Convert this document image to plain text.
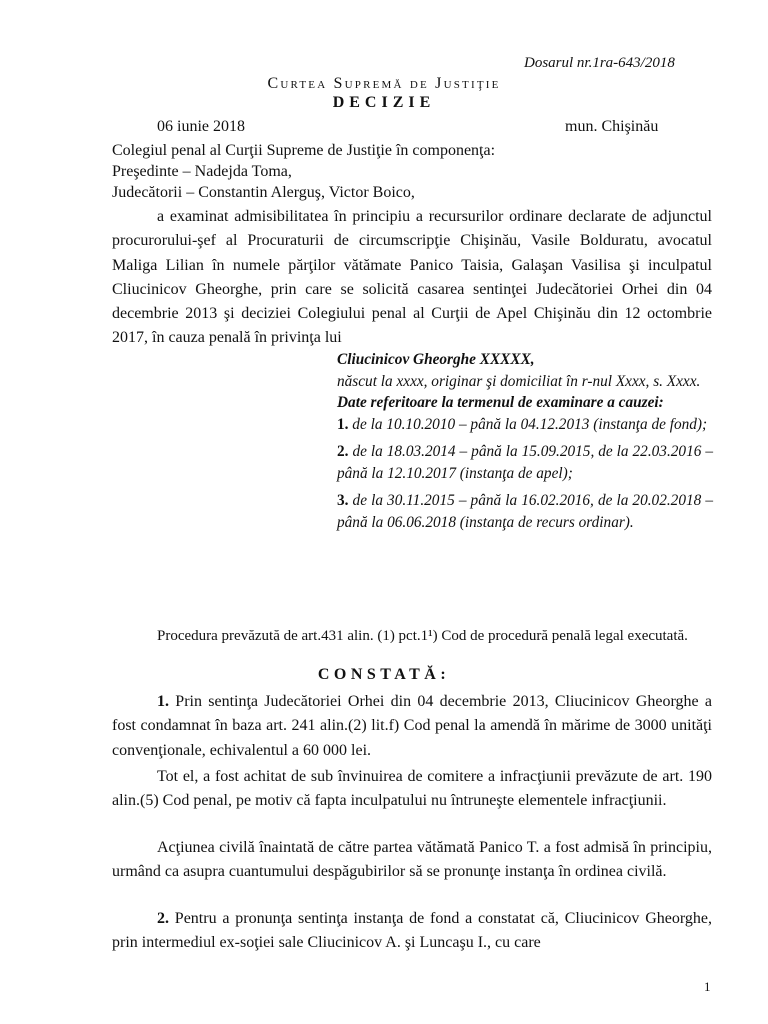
Dosarul nr.1ra-643/2018
Curtea Supremă de Justiţie
DECIZIE
06 iunie 2018	mun. Chişinău
Colegiul penal al Curţii Supreme de Justiţie în componenţa:
Preşedinte – Nadejda Toma,
Judecătorii – Constantin Alerguş, Victor Boico,
a examinat admisibilitatea în principiu a recursurilor ordinare declarate de adjunctul procurorului-şef al Procuraturii de circumscripţie Chişinău, Vasile Bolduratu, avocatul Maliga Lilian în numele părţilor vătămate Panico Taisia, Galaşan Vasilisa şi inculpatul Cliucinicov Gheorghe, prin care se solicită casarea sentinţei Judecătoriei Orhei din 04 decembrie 2013 şi deciziei Colegiului penal al Curţii de Apel Chişinău din 12 octombrie 2017, în cauza penală în privinţa lui
Cliucinicov Gheorghe XXXXX,
născut la xxxx, originar şi domiciliat în r-nul Xxxx, s. Xxxx.
Date referitoare la termenul de examinare a cauzei:
1. de la 10.10.2010 – până la 04.12.2013 (instanţa de fond);
2. de la 18.03.2014 – până la 15.09.2015, de la 22.03.2016 – până la 12.10.2017 (instanţa de apel);
3. de la 30.11.2015 – până la 16.02.2016, de la 20.02.2018 – până la 06.06.2018 (instanţa de recurs ordinar).
Procedura prevăzută de art.431 alin. (1) pct.1¹) Cod de procedură penală legal executată.
CONSTATĂ:
1. Prin sentinţa Judecătoriei Orhei din 04 decembrie 2013, Cliucinicov Gheorghe a fost condamnat în baza art. 241 alin.(2) lit.f) Cod penal la amendă în mărime de 3000 unităţi convenţionale, echivalentul a 60 000 lei.
Tot el, a fost achitat de sub învinuirea de comitere a infracţiunii prevăzute de art. 190 alin.(5) Cod penal, pe motiv că fapta inculpatului nu întruneşte elementele infracţiunii.
Acţiunea civilă înaintată de către partea vătămată Panico T. a fost admisă în principiu, urmând ca asupra cuantumului despăgubirilor să se pronunţe instanţa în ordinea civilă.
2. Pentru a pronunţa sentinţa instanţa de fond a constatat că, Cliucinicov Gheorghe, prin intermediul ex-soţiei sale Cliucinicov A. şi Luncaşu I., cu care
1
